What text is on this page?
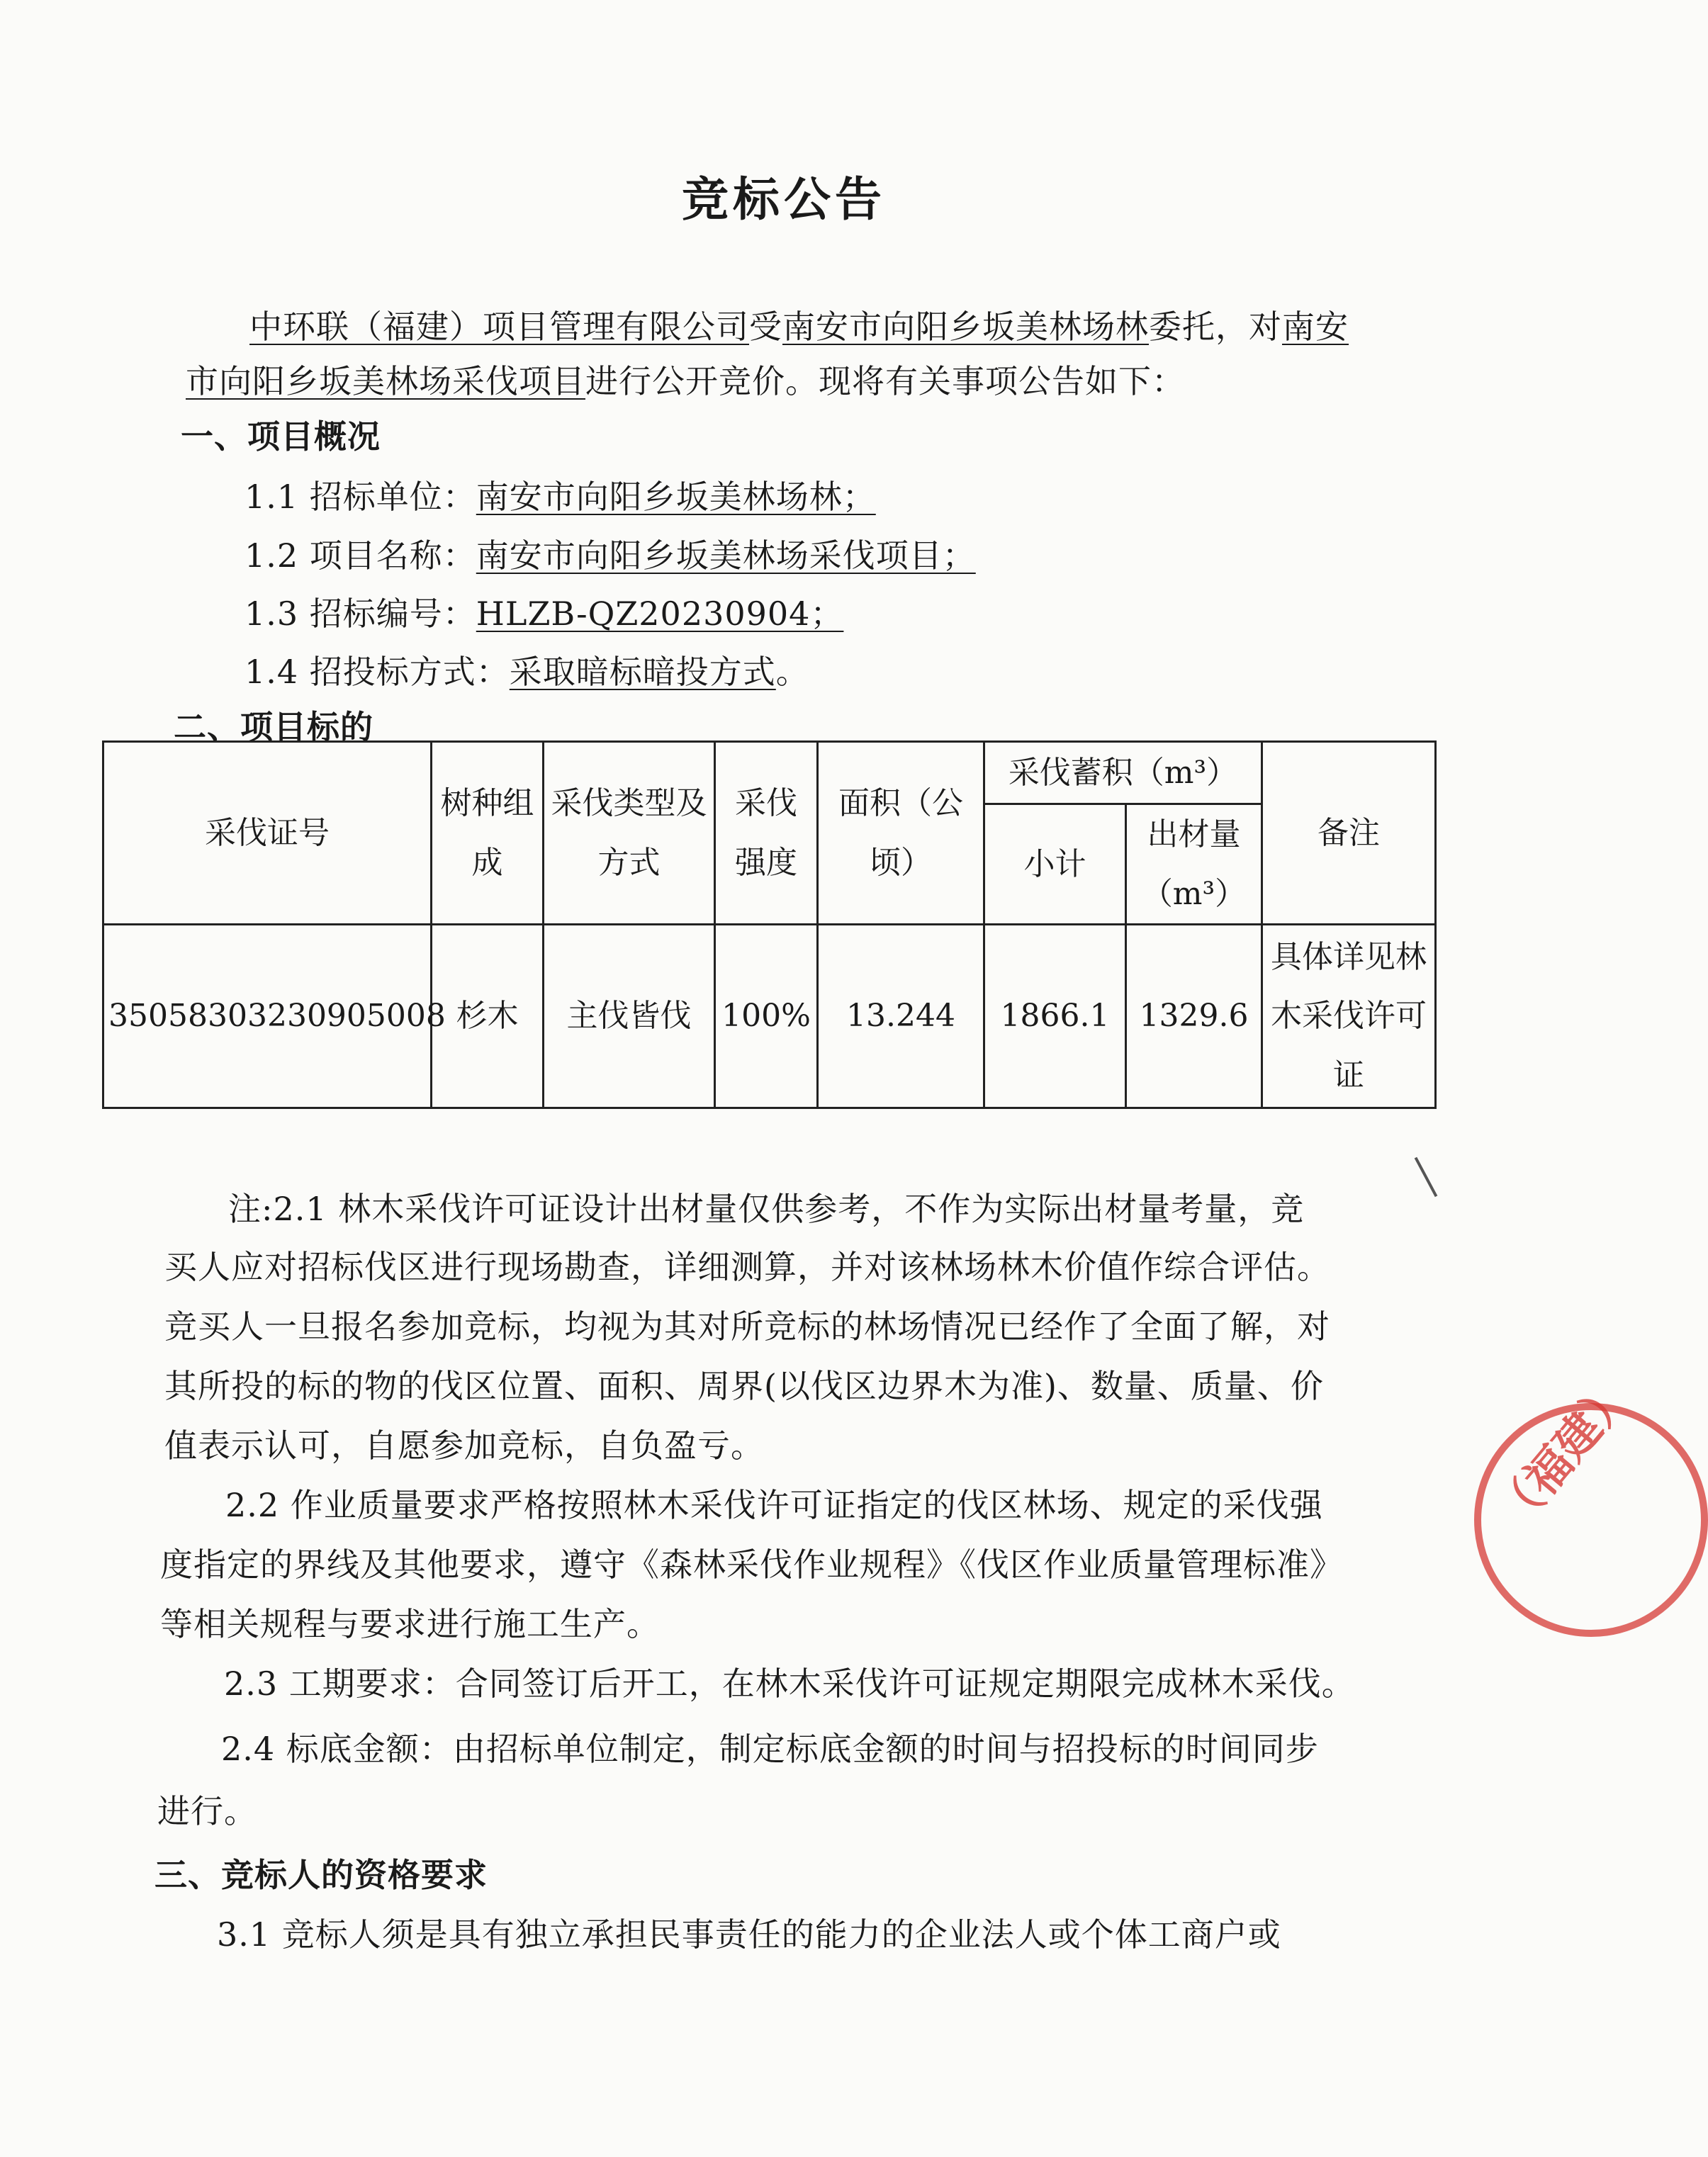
竞标公告
中环联（福建）项目管理有限公司受南安市向阳乡坂美林场林委托，对南安
市向阳乡坂美林场采伐项目进行公开竞价。现将有关事项公告如下：
一、项目概况
1.1 招标单位：南安市向阳乡坂美林场林；
1.2 项目名称：南安市向阳乡坂美林场采伐项目；
1.3 招标编号：HLZB-QZ20230904；
1.4 招投标方式：采取暗标暗投方式。
二、项目标的
采伐证号	树种组成	采伐类型及方式	采伐强度	面积（公顷）	采伐蓄积（m³）		备注
					小计	出材量（m³）	
35058303230905008	杉木	主伐皆伐	100%	13.244	1866.1	1329.6	具体详见林木采伐许可证
注:2.1 林木采伐许可证设计出材量仅供参考，不作为实际出材量考量，竞
买人应对招标伐区进行现场勘查，详细测算，并对该林场林木价值作综合评估。
竞买人一旦报名参加竞标，均视为其对所竞标的林场情况已经作了全面了解，对
其所投的标的物的伐区位置、面积、周界(以伐区边界木为准)、数量、质量、价
值表示认可，自愿参加竞标，自负盈亏。
2.2 作业质量要求严格按照林木采伐许可证指定的伐区林场、规定的采伐强
度指定的界线及其他要求，遵守《森林采伐作业规程》《伐区作业质量管理标准》
等相关规程与要求进行施工生产。
2.3 工期要求：合同签订后开工，在林木采伐许可证规定期限完成林木采伐。
2.4 标底金额：由招标单位制定，制定标底金额的时间与招投标的时间同步
进行。
三、竞标人的资格要求
3.1 竞标人须是具有独立承担民事责任的能力的企业法人或个体工商户或
（福建）
